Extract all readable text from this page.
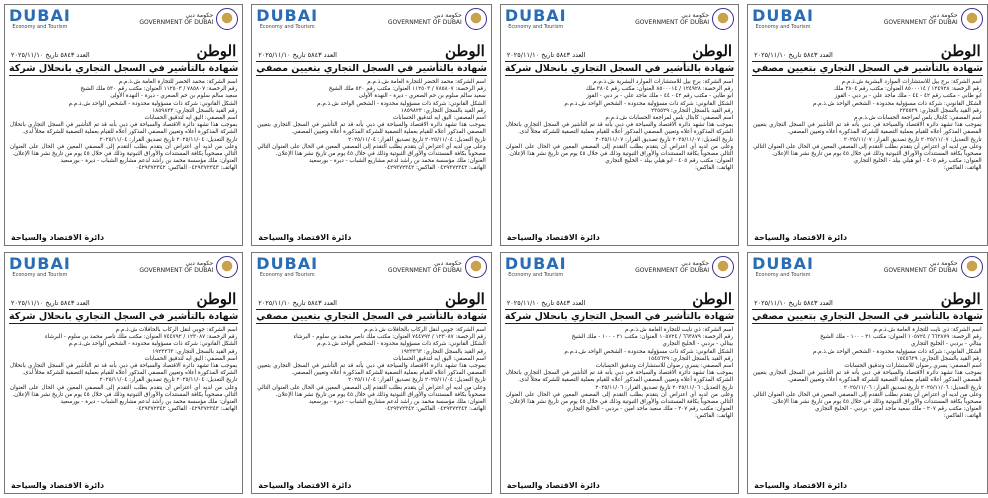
حكومة دبي
GOVERNMENT OF DUBAI
DUBAI
Economy and Tourism
الوطن
العدد ٥٨٤٣ تاريخ ٢٠٢٥/١١/١٠
شهادة بالتأشير في السجل التجاري بانحلال شركة

اسم الشركة: محمد الخضر للتجارة العامة ش.ذ.م.م

رقم الرخصة: ٧٨٥٨٠٧ / ١١٢٥٠٣ العنوان: مكتب رقم ٥٣٠ ملك الشيخ

سعيد سالم سلوم بن حم الصعري - ديرة - النهدة الأولى

الشكل القانوني: شركة ذات مسؤولية محدودة - الشخص الواحد ش.ذ.م.م

رقم القيد بالسجل التجاري: ١٨٥٩٨٢٣

اسم المصفي: اليق ايه لتدقيق الحسابات

بموجب هذا تشهد دائرة الاقتصاد والسياحة في دبي بأنه قد تم التأشير في السجل التجاري بانحلال الشركة المذكورة أعلاه وتعيين المصفي المذكور أعلاه للقيام بعملية التصفية للشركة محلاً لدى.

تاريخ التعديل: ٢٠٢٥/١١/٠٤ تاريخ تصديق القرار: ٢٠٢٥/١١/٠٤

وعلى من لديه أي اعتراض أن يتقدم بطلب التقدم إلى المصفي المعين في الحال على العنوان التالي مصحوباً بكافة المستندات والأوراق الثبوتية وذلك في خلال ٤٥ يوم من تاريخ نشر هذا الإعلان.

العنوان: ملك مؤسسة محمد بن راشد لدعم مشاريع الشباب - ديرة - بورسعيد

الهاتف: ٠٤٢٩٣٧٢٣٤٣ الفاكس: ٠٤٢٩٣٧٢٣٤٢

دائرة الاقتصاد والسياحة
حكومة دبي
GOVERNMENT OF DUBAI
DUBAI
Economy and Tourism
الوطن
العدد ٥٨٤٣ تاريخ ٢٠٢٥/١١/١٠
شهادة بالتأشير في السجل التجاري بتعيين مصفي

اسم الشركة: محمد الخضر للتجارة العامة ش.ذ.م.م

رقم الرخصة: ٧٨٥٨٠٧ / ١١٢٥٠٣ العنوان: مكتب رقم ٥٣٠ ملك الشيخ

سعيد سالم سلوم بن حم الصعري - ديرة - النهدة الأولى

الشكل القانوني: شركة ذات مسؤولية محدودة - الشخص الواحد ش.ذ.م.م

رقم القيد بالسجل التجاري: ١٨٥٩٨٢٣

اسم المصفي: اليق ايه لتدقيق الحسابات

بموجب هذا تشهد دائرة الاقتصاد والسياحة في دبي بأنه قد تم التأشير في السجل التجاري بتعيين المصفي المذكور أعلاه للقيام بعملية التصفية للشركة المذكورة أعلاه وتعيين المصفي.

تاريخ التعديل: ٢٠٢٥/١١/٠٤ تاريخ تصديق القرار: ٢٠٢٥/١١/٠٤

وعلى من لديه أي اعتراض أن يتقدم بطلب التقدم إلى المصفي المعين في الحال على العنوان التالي مصحوباً بكافة المستندات والأوراق الثبوتية وذلك في خلال ٤٥ يوم من تاريخ نشر هذا الإعلان.

العنوان: ملك مؤسسة محمد بن راشد لدعم مشاريع الشباب - ديرة - بورسعيد

الهاتف: ٠٤٢٩٣٧٢٣٤٣ الفاكس: ٠٤٢٩٣٧٢٣٤٢

دائرة الاقتصاد والسياحة
حكومة دبي
GOVERNMENT OF DUBAI
DUBAI
Economy and Tourism
الوطن
العدد ٥٨٤٣ تاريخ ٢٠٢٥/١١/١٠
شهادة بالتأشير في السجل التجاري بانحلال شركة

اسم الشركة: برج بيل للاستشارات الموارد البشرية ش.ذ.م.م

رقم الرخصة: ١٢٤٩٢٨ / ٨٥٠٠٠١٤ العنوان: مكتب رقم ٣٨٠٤ ملك

ابو طابي - مكتب رقم ٤٢ - ٤٤ - ملك ماجد علي - بر دبي - القوز

الشكل القانوني: شركة ذات مسؤولية محدودة - الشخص الواحد ش.ذ.م.م

رقم القيد بالسجل التجاري: ٢٣٥٥٢٩

اسم المصفي: كابتال بلس لمراجعة الحسابات ش.ذ.م.م

بموجب هذا تشهد دائرة الاقتصاد والسياحة في دبي بأنه قد تم التأشير في السجل التجاري بانحلال الشركة المذكورة أعلاه وتعيين المصفي المذكور أعلاه للقيام بعملية التصفية للشركة محلاً لدى.

تاريخ التعديل: ٢٠٢٥/١١/٠٧ تاريخ تصديق القرار: ٢٠٢٥/١١/٠٧

وعلى من لديه أي اعتراض أن يتقدم بطلب التقدم إلى المصفي المعين في الحال على العنوان التالي مصحوباً بكافة المستندات والأوراق الثبوتية وذلك في خلال ٤٥ يوم من تاريخ نشر هذا الإعلان.

العنوان: مكتب رقم ٤٠٥ - ابو هيلي بيلد - الخليج التجاري

الهاتف: الفاكس:

دائرة الاقتصاد والسياحة
حكومة دبي
GOVERNMENT OF DUBAI
DUBAI
Economy and Tourism
الوطن
العدد ٥٨٤٣ تاريخ ٢٠٢٥/١١/١٠
شهادة بالتأشير في السجل التجاري بتعيين مصفي

اسم الشركة: برج بيل للاستشارات الموارد البشرية ش.ذ.م.م

رقم الرخصة: ١٢٤٩٢٨ / ٨٥٠٠٠١٤ العنوان: مكتب رقم ٣٨٠٤ ملك

ابو طابي - مكتب رقم ٤٢ - ٤٤ - ملك ماجد علي - بر دبي - القوز

الشكل القانوني: شركة ذات مسؤولية محدودة - الشخص الواحد ش.ذ.م.م

رقم القيد بالسجل التجاري: ٢٣٥٥٢٩

اسم المصفي: كابتال بلس لمراجعة الحسابات ش.ذ.م.م

بموجب هذا تشهد دائرة الاقتصاد والسياحة في دبي بأنه قد تم التأشير في السجل التجاري بتعيين المصفي المذكور أعلاه للقيام بعملية التصفية للشركة المذكورة أعلاه وتعيين المصفي.

تاريخ التعديل: ٢٠٢٥/١١/٠٧ تاريخ تصديق القرار: ٢٠٢٥/١١/٠٧

وعلى من لديه أي اعتراض أن يتقدم بطلب التقدم إلى المصفي المعين في الحال على العنوان التالي مصحوباً بكافة المستندات والأوراق الثبوتية وذلك في خلال ٤٥ يوم من تاريخ نشر هذا الإعلان.

العنوان: مكتب رقم ٤٠٥ - ابو هيلي بيلد - الخليج التجاري

الهاتف: الفاكس:

دائرة الاقتصاد والسياحة
حكومة دبي
GOVERNMENT OF DUBAI
DUBAI
Economy and Tourism
الوطن
العدد ٥٨٤٣ تاريخ ٢٠٢٥/١١/١٠
شهادة بالتأشير في السجل التجاري بانحلال شركة

اسم الشركة: جوبي لنقل الركاب بالحافلات ش.ذ.م.م

رقم الرخصة: ١٢٣٠٨٧ / ٧٤٤٧٩٢ العنوان: مكتب ملك ناصر محمد بن سلوم - البرشاء

الشكل القانوني: شركة ذات مسؤولية محدودة - الشخص الواحد ش.ذ.م.م

رقم القيد بالسجل التجاري: ١٩٢٣٣٦٣

اسم المصفي: اليق ايه لتدقيق الحسابات

بموجب هذا تشهد دائرة الاقتصاد والسياحة في دبي بأنه قد تم التأشير في السجل التجاري بانحلال الشركة المذكورة أعلاه وتعيين المصفي المذكور أعلاه للقيام بعملية التصفية للشركة محلاً لدى.

تاريخ التعديل: ٢٠٢٥/١١/٠٤ تاريخ تصديق القرار: ٢٠٢٥/١١/٠٤

وعلى من لديه أي اعتراض أن يتقدم بطلب التقدم إلى المصفي المعين في الحال على العنوان التالي مصحوباً بكافة المستندات والأوراق الثبوتية وذلك في خلال ٤٥ يوم من تاريخ نشر هذا الإعلان.

العنوان: ملك مؤسسة محمد بن راشد لدعم مشاريع الشباب - ديرة - بورسعيد

الهاتف: ٠٤٢٩٣٧٢٣٤٣ الفاكس: ٠٤٢٩٣٧٢٣٤٢

دائرة الاقتصاد والسياحة
حكومة دبي
GOVERNMENT OF DUBAI
DUBAI
Economy and Tourism
الوطن
العدد ٥٨٤٣ تاريخ ٢٠٢٥/١١/١٠
شهادة بالتأشير في السجل التجاري بتعيين مصفي

اسم الشركة: جوبي لنقل الركاب بالحافلات ش.ذ.م.م

رقم الرخصة: ١٢٣٠٨٧ / ٧٤٤٧٩٢ العنوان: مكتب ملك ناصر محمد بن سلوم - البرشاء

الشكل القانوني: شركة ذات مسؤولية محدودة - الشخص الواحد ش.ذ.م.م

رقم القيد بالسجل التجاري: ١٩٢٣٣٦٣

اسم المصفي: اليق ايه لتدقيق الحسابات

بموجب هذا تشهد دائرة الاقتصاد والسياحة في دبي بأنه قد تم التأشير في السجل التجاري بتعيين المصفي المذكور أعلاه للقيام بعملية التصفية للشركة المذكورة أعلاه وتعيين المصفي.

تاريخ التعديل: ٢٠٢٥/١١/٠٤ تاريخ تصديق القرار: ٢٠٢٥/١١/٠٤

وعلى من لديه أي اعتراض أن يتقدم بطلب التقدم إلى المصفي المعين في الحال على العنوان التالي مصحوباً بكافة المستندات والأوراق الثبوتية وذلك في خلال ٤٥ يوم من تاريخ نشر هذا الإعلان.

العنوان: ملك مؤسسة محمد بن راشد لدعم مشاريع الشباب - ديرة - بورسعيد

الهاتف: ٠٤٢٩٣٧٢٣٤٣ الفاكس: ٠٤٢٩٣٧٢٣٤٢

دائرة الاقتصاد والسياحة
حكومة دبي
GOVERNMENT OF DUBAI
DUBAI
Economy and Tourism
الوطن
العدد ٥٨٤٣ تاريخ ٢٠٢٥/١١/١٠
شهادة بالتأشير في السجل التجاري بانحلال شركة

اسم الشركة: ذي نايت للتجارة العامة ش.ذ.م.م

رقم الرخصة: ٦٦٣٨٧٩ / ١٠٥٧٢٤ العنوان: مكتب ٢١ - ١٠٠ - ملك الشيخ

بيتالي - بردبي - الخليج التجاري

الشكل القانوني: شركة ذات مسؤولية محدودة - الشخص الواحد ش.ذ.م.م

رقم القيد بالسجل التجاري: ١٥٤٥٦٢٩

اسم المصفي: يسري رضوان للاستشارات وتدقيق الحسابات

بموجب هذا تشهد دائرة الاقتصاد والسياحة في دبي بأنه قد تم التأشير في السجل التجاري بانحلال الشركة المذكورة أعلاه وتعيين المصفي المذكور أعلاه للقيام بعملية التصفية للشركة محلاً لدى.

تاريخ التعديل: ٢٠٢٥/١١/٠٦ تاريخ تصديق القرار: ٢٠٢٥/١١/٠٦

وعلى من لديه أي اعتراض أن يتقدم بطلب التقدم إلى المصفي المعين في الحال على العنوان التالي مصحوباً بكافة المستندات والأوراق الثبوتية وذلك في خلال ٤٥ يوم من تاريخ نشر هذا الإعلان.

العنوان: مكتب رقم ٢٠٧ - ملك سعيد ماجد امين - بردبي - الخليج التجاري

الهاتف: الفاكس:

دائرة الاقتصاد والسياحة
حكومة دبي
GOVERNMENT OF DUBAI
DUBAI
Economy and Tourism
الوطن
العدد ٥٨٤٣ تاريخ ٢٠٢٥/١١/١٠
شهادة بالتأشير في السجل التجاري بتعيين مصفي

اسم الشركة: ذي نايت للتجارة العامة ش.ذ.م.م

رقم الرخصة: ٦٦٣٨٧٩ / ١٠٥٧٢٤ العنوان: مكتب ٢١ - ١٠٠ - ملك الشيخ

بيتالي - بردبي - الخليج التجاري

الشكل القانوني: شركة ذات مسؤولية محدودة - الشخص الواحد ش.ذ.م.م

رقم القيد بالسجل التجاري: ١٥٤٥٦٢٩

اسم المصفي: يسري رضوان للاستشارات وتدقيق الحسابات

بموجب هذا تشهد دائرة الاقتصاد والسياحة في دبي بأنه قد تم التأشير في السجل التجاري بتعيين المصفي المذكور أعلاه للقيام بعملية التصفية للشركة المذكورة أعلاه وتعيين المصفي.

تاريخ التعديل: ٢٠٢٥/١١/٠٦ تاريخ تصديق القرار: ٢٠٢٥/١١/٠٦

وعلى من لديه أي اعتراض أن يتقدم بطلب التقدم إلى المصفي المعين في الحال على العنوان التالي مصحوباً بكافة المستندات والأوراق الثبوتية وذلك في خلال ٤٥ يوم من تاريخ نشر هذا الإعلان.

العنوان: مكتب رقم ٢٠٧ - ملك سعيد ماجد امين - بردبي - الخليج التجاري

الهاتف: الفاكس:

دائرة الاقتصاد والسياحة
